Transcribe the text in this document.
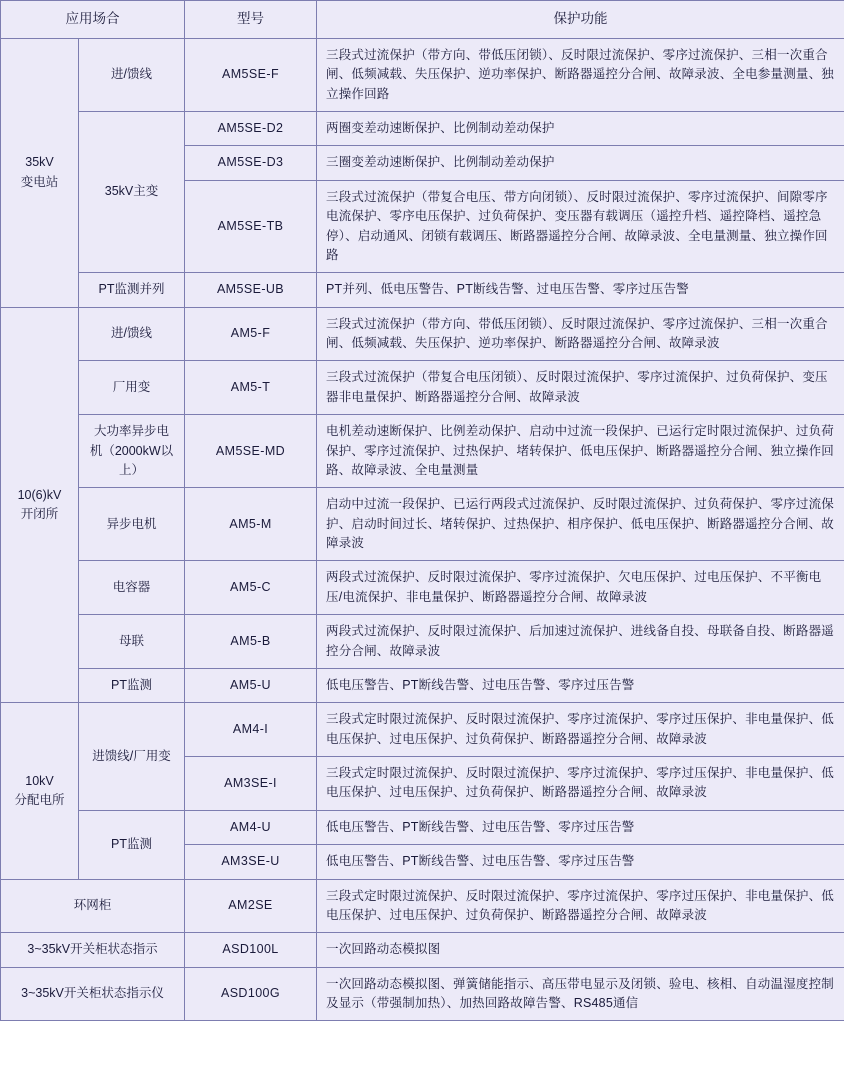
应用场合		型号	保护功能
35kV
变电站	进/馈线	AM5SE-F	三段式过流保护（带方向、带低压闭锁）、反时限过流保护、零序过流保护、三相一次重合闸、低频减载、失压保护、逆功率保护、断路器遥控分合闸、故障录波、全电参量测量、独立操作回路
	35kV主变	AM5SE-D2	两圈变差动速断保护、比例制动差动保护
		AM5SE-D3	三圈变差动速断保护、比例制动差动保护
		AM5SE-TB	三段式过流保护（带复合电压、带方向闭锁）、反时限过流保护、零序过流保护、间隙零序电流保护、零序电压保护、过负荷保护、变压器有载调压（遥控升档、遥控降档、遥控急停）、启动通风、闭锁有载调压、断路器遥控分合闸、故障录波、全电量测量、独立操作回路
	PT监测并列	AM5SE-UB	PT并列、低电压警告、PT断线告警、过电压告警、零序过压告警
10(6)kV
开闭所	进/馈线	AM5-F	三段式过流保护（带方向、带低压闭锁）、反时限过流保护、零序过流保护、三相一次重合闸、低频减载、失压保护、逆功率保护、断路器遥控分合闸、故障录波
	厂用变	AM5-T	三段式过流保护（带复合电压闭锁）、反时限过流保护、零序过流保护、过负荷保护、变压器非电量保护、断路器遥控分合闸、故障录波
	大功率异步电机（2000kW以上）	AM5SE-MD	电机差动速断保护、比例差动保护、启动中过流一段保护、已运行定时限过流保护、过负荷保护、零序过流保护、过热保护、堵转保护、低电压保护、断路器遥控分合闸、独立操作回路、故障录波、全电量测量
	异步电机	AM5-M	启动中过流一段保护、已运行两段式过流保护、反时限过流保护、过负荷保护、零序过流保护、启动时间过长、堵转保护、过热保护、相序保护、低电压保护、断路器遥控分合闸、故障录波
	电容器	AM5-C	两段式过流保护、反时限过流保护、零序过流保护、欠电压保护、过电压保护、不平衡电压/电流保护、非电量保护、断路器遥控分合闸、故障录波
	母联	AM5-B	两段式过流保护、反时限过流保护、后加速过流保护、进线备自投、母联备自投、断路器遥控分合闸、故障录波
	PT监测	AM5-U	低电压警告、PT断线告警、过电压告警、零序过压告警
10kV
分配电所	进馈线/厂用变	AM4-I	三段式定时限过流保护、反时限过流保护、零序过流保护、零序过压保护、非电量保护、低电压保护、过电压保护、过负荷保护、断路器遥控分合闸、故障录波
		AM3SE-I	三段式定时限过流保护、反时限过流保护、零序过流保护、零序过压保护、非电量保护、低电压保护、过电压保护、过负荷保护、断路器遥控分合闸、故障录波
	PT监测	AM4-U	低电压警告、PT断线告警、过电压告警、零序过压告警
		AM3SE-U	低电压警告、PT断线告警、过电压告警、零序过压告警
环网柜		AM2SE	三段式定时限过流保护、反时限过流保护、零序过流保护、零序过压保护、非电量保护、低电压保护、过电压保护、过负荷保护、断路器遥控分合闸、故障录波
3~35kV开关柜状态指示		ASD100L	一次回路动态模拟图
3~35kV开关柜状态指示仪		ASD100G	一次回路动态模拟图、弹簧储能指示、高压带电显示及闭锁、验电、核相、自动温湿度控制及显示（带强制加热）、加热回路故障告警、RS485通信
